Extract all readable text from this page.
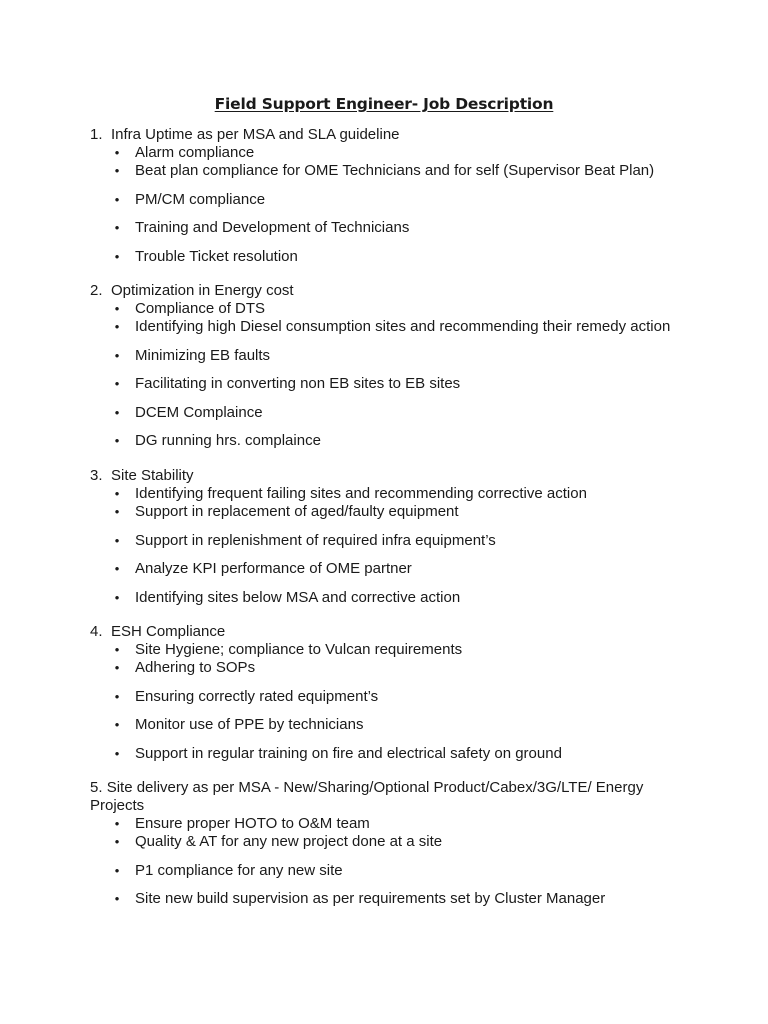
Field Support Engineer- Job Description
1. Infra Uptime as per MSA and SLA guideline
• Alarm compliance
• Beat plan compliance for OME Technicians and for self (Supervisor Beat Plan)
• PM/CM compliance
• Training and Development of Technicians
• Trouble Ticket resolution
2. Optimization in Energy cost
• Compliance of DTS
• Identifying high Diesel consumption sites and recommending their remedy action
• Minimizing EB faults
• Facilitating in converting non EB sites to EB sites
• DCEM Complaince
• DG running hrs. complaince
3. Site Stability
• Identifying frequent failing sites and recommending corrective action
• Support in replacement of aged/faulty equipment
• Support in replenishment of required infra equipment’s
• Analyze KPI performance of OME partner
• Identifying sites below MSA and corrective action
4. ESH Compliance
• Site Hygiene; compliance to Vulcan requirements
• Adhering to SOPs
• Ensuring correctly rated equipment’s
• Monitor use of PPE by technicians
• Support in regular training on fire and electrical safety on ground
5. Site delivery as per MSA - New/Sharing/Optional Product/Cabex/3G/LTE/ Energy Projects
• Ensure proper HOTO to O&M team
• Quality & AT for any new project done at a site
• P1 compliance for any new site
• Site new build supervision as per requirements set by Cluster Manager
